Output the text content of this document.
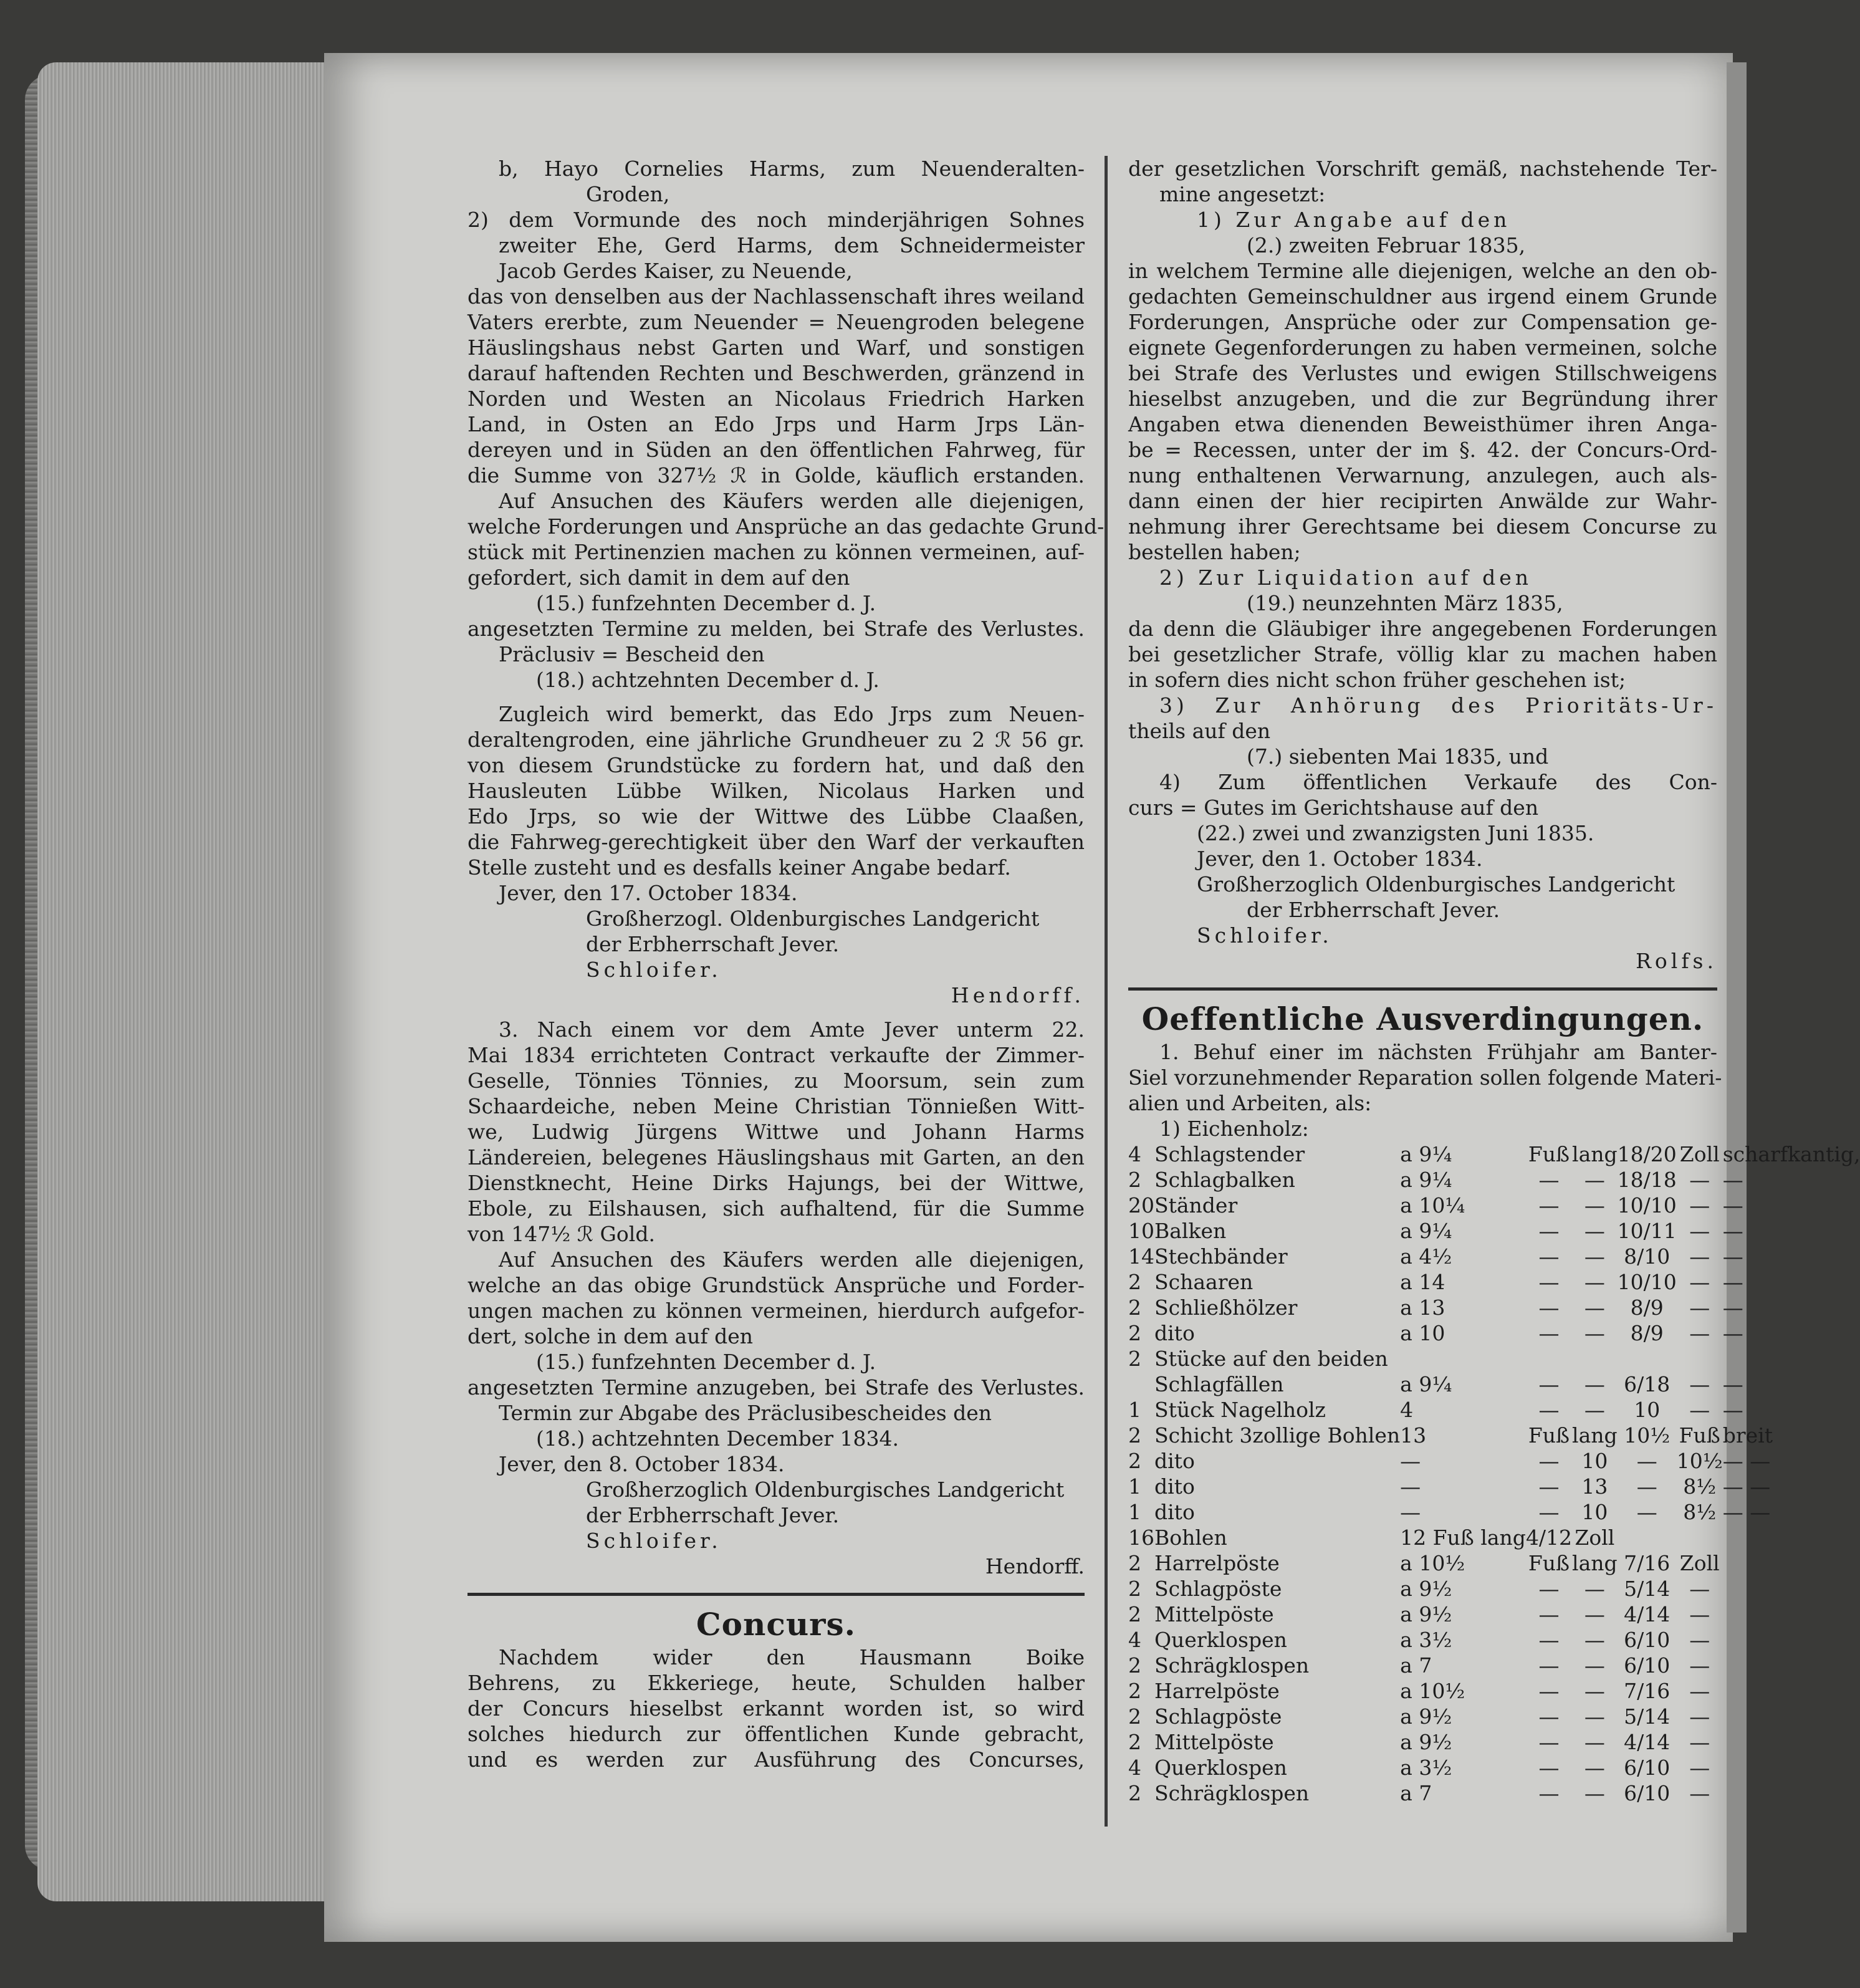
b, Hayo Cornelies Harms, zum Neuenderalten-
Groden,
2) dem Vormunde des noch minderjährigen Sohnes
zweiter Ehe, Gerd Harms, dem Schneidermeister
Jacob Gerdes Kaiser, zu Neuende,
das von denselben aus der Nachlassenschaft ihres weiland
Vaters ererbte, zum Neuender = Neuengroden belegene
Häuslingshaus nebst Garten und Warf, und sonstigen
darauf haftenden Rechten und Beschwerden, gränzend in
Norden und Westen an Nicolaus Friedrich Harken
Land, in Osten an Edo Jrps und Harm Jrps Län-
dereyen und in Süden an den öffentlichen Fahrweg, für
die Summe von 327½ ℛ in Golde, käuflich erstanden.
Auf Ansuchen des Käufers werden alle diejenigen,
welche Forderungen und Ansprüche an das gedachte Grund-
stück mit Pertinenzien machen zu können vermeinen, auf-
gefordert, sich damit in dem auf den
(15.) funfzehnten December d. J.
angesetzten Termine zu melden, bei Strafe des Verlustes.
Präclusiv = Bescheid den
(18.) achtzehnten December d. J.
Zugleich wird bemerkt, das Edo Jrps zum Neuen-
deraltengroden, eine jährliche Grundheuer zu 2 ℛ 56 gr.
von diesem Grundstücke zu fordern hat, und daß den
Hausleuten Lübbe Wilken, Nicolaus Harken und
Edo Jrps, so wie der Wittwe des Lübbe Claaßen,
die Fahrweg-gerechtigkeit über den Warf der verkauften
Stelle zusteht und es desfalls keiner Angabe bedarf.
Jever, den 17. October 1834.
Großherzogl. Oldenburgisches Landgericht
der Erbherrschaft Jever.
Schloifer.
Hendorff.
3. Nach einem vor dem Amte Jever unterm 22.
Mai 1834 errichteten Contract verkaufte der Zimmer-
Geselle, Tönnies Tönnies, zu Moorsum, sein zum
Schaardeiche, neben Meine Christian Tönnießen Witt-
we, Ludwig Jürgens Wittwe und Johann Harms
Ländereien, belegenes Häuslingshaus mit Garten, an den
Dienstknecht, Heine Dirks Hajungs, bei der Wittwe,
Ebole, zu Eilshausen, sich aufhaltend, für die Summe
von 147½ ℛ Gold.
Auf Ansuchen des Käufers werden alle diejenigen,
welche an das obige Grundstück Ansprüche und Forder-
ungen machen zu können vermeinen, hierdurch aufgefor-
dert, solche in dem auf den
(15.) funfzehnten December d. J.
angesetzten Termine anzugeben, bei Strafe des Verlustes.
Termin zur Abgabe des Präclusibescheides den
(18.) achtzehnten December 1834.
Jever, den 8. October 1834.
Großherzoglich Oldenburgisches Landgericht
der Erbherrschaft Jever.
Schloifer.
Hendorff.
Concurs.
Nachdem wider den Hausmann Boike
Behrens, zu Ekkeriege, heute, Schulden halber
der Concurs hieselbst erkannt worden ist, so wird
solches hiedurch zur öffentlichen Kunde gebracht,
und es werden zur Ausführung des Concurses,
der gesetzlichen Vorschrift gemäß, nachstehende Ter-
mine angesetzt:
1) Zur Angabe auf den
(2.) zweiten Februar 1835,
in welchem Termine alle diejenigen, welche an den ob-
gedachten Gemeinschuldner aus irgend einem Grunde
Forderungen, Ansprüche oder zur Compensation ge-
eignete Gegenforderungen zu haben vermeinen, solche
bei Strafe des Verlustes und ewigen Stillschweigens
hieselbst anzugeben, und die zur Begründung ihrer
Angaben etwa dienenden Beweisthümer ihren Anga-
be = Recessen, unter der im §. 42. der Concurs-Ord-
nung enthaltenen Verwarnung, anzulegen, auch als-
dann einen der hier recipirten Anwälde zur Wahr-
nehmung ihrer Gerechtsame bei diesem Concurse zu
bestellen haben;
2) Zur Liquidation auf den
(19.) neunzehnten März 1835,
da denn die Gläubiger ihre angegebenen Forderungen
bei gesetzlicher Strafe, völlig klar zu machen haben
in sofern dies nicht schon früher geschehen ist;
3) Zur Anhörung des Prioritäts-Ur-
theils auf den
(7.) siebenten Mai 1835, und
4) Zum öffentlichen Verkaufe des Con-
curs = Gutes im Gerichtshause auf den
(22.) zwei und zwanzigsten Juni 1835.
Jever, den 1. October 1834.
Großherzoglich Oldenburgisches Landgericht
der Erbherrschaft Jever.
Schloifer.
Rolfs.
Oeffentliche Ausverdingungen.
1. Behuf einer im nächsten Frühjahr am Banter-
Siel vorzunehmender Reparation sollen folgende Materi-
alien und Arbeiten, als:
1) Eichenholz:
4	Schlagstender	a 9¼	Fuß	lang	18/20	Zoll	scharfkantig,
2	Schlagbalken	a 9¼	—	—	18/18	—	—
20	Ständer	a 10¼	—	—	10/10	—	—
10	Balken	a 9¼	—	—	10/11	—	—
14	Stechbänder	a 4½	—	—	8/10	—	—
2	Schaaren	a 14	—	—	10/10	—	—
2	Schließhölzer	a 13	—	—	8/9	—	—
2	dito	a 10	—	—	8/9	—	—
2	Stücke auf den beiden						
	Schlagfällen	a 9¼	—	—	6/18	—	—
1	Stück Nagelholz	4	—	—	10	—	—
2	Schicht 3zollige Bohlen	13	Fuß	lang	10½	Fuß	breit
2	dito	—	—	10	—	10½	— —
1	dito	—	—	13	—	8½	— —
1	dito	—	—	10	—	8½	— —
16	Bohlen	12 Fuß lang	4/12	Zoll			
2	Harrelpöste	a 10½	Fuß	lang	7/16	Zoll	
2	Schlagpöste	a 9½	—	—	5/14	—	
2	Mittelpöste	a 9½	—	—	4/14	—	
4	Querklospen	a 3½	—	—	6/10	—	
2	Schrägklospen	a 7	—	—	6/10	—	
2	Harrelpöste	a 10½	—	—	7/16	—	
2	Schlagpöste	a 9½	—	—	5/14	—	
2	Mittelpöste	a 9½	—	—	4/14	—	
4	Querklospen	a 3½	—	—	6/10	—	
2	Schrägklospen	a 7	—	—	6/10	—	
